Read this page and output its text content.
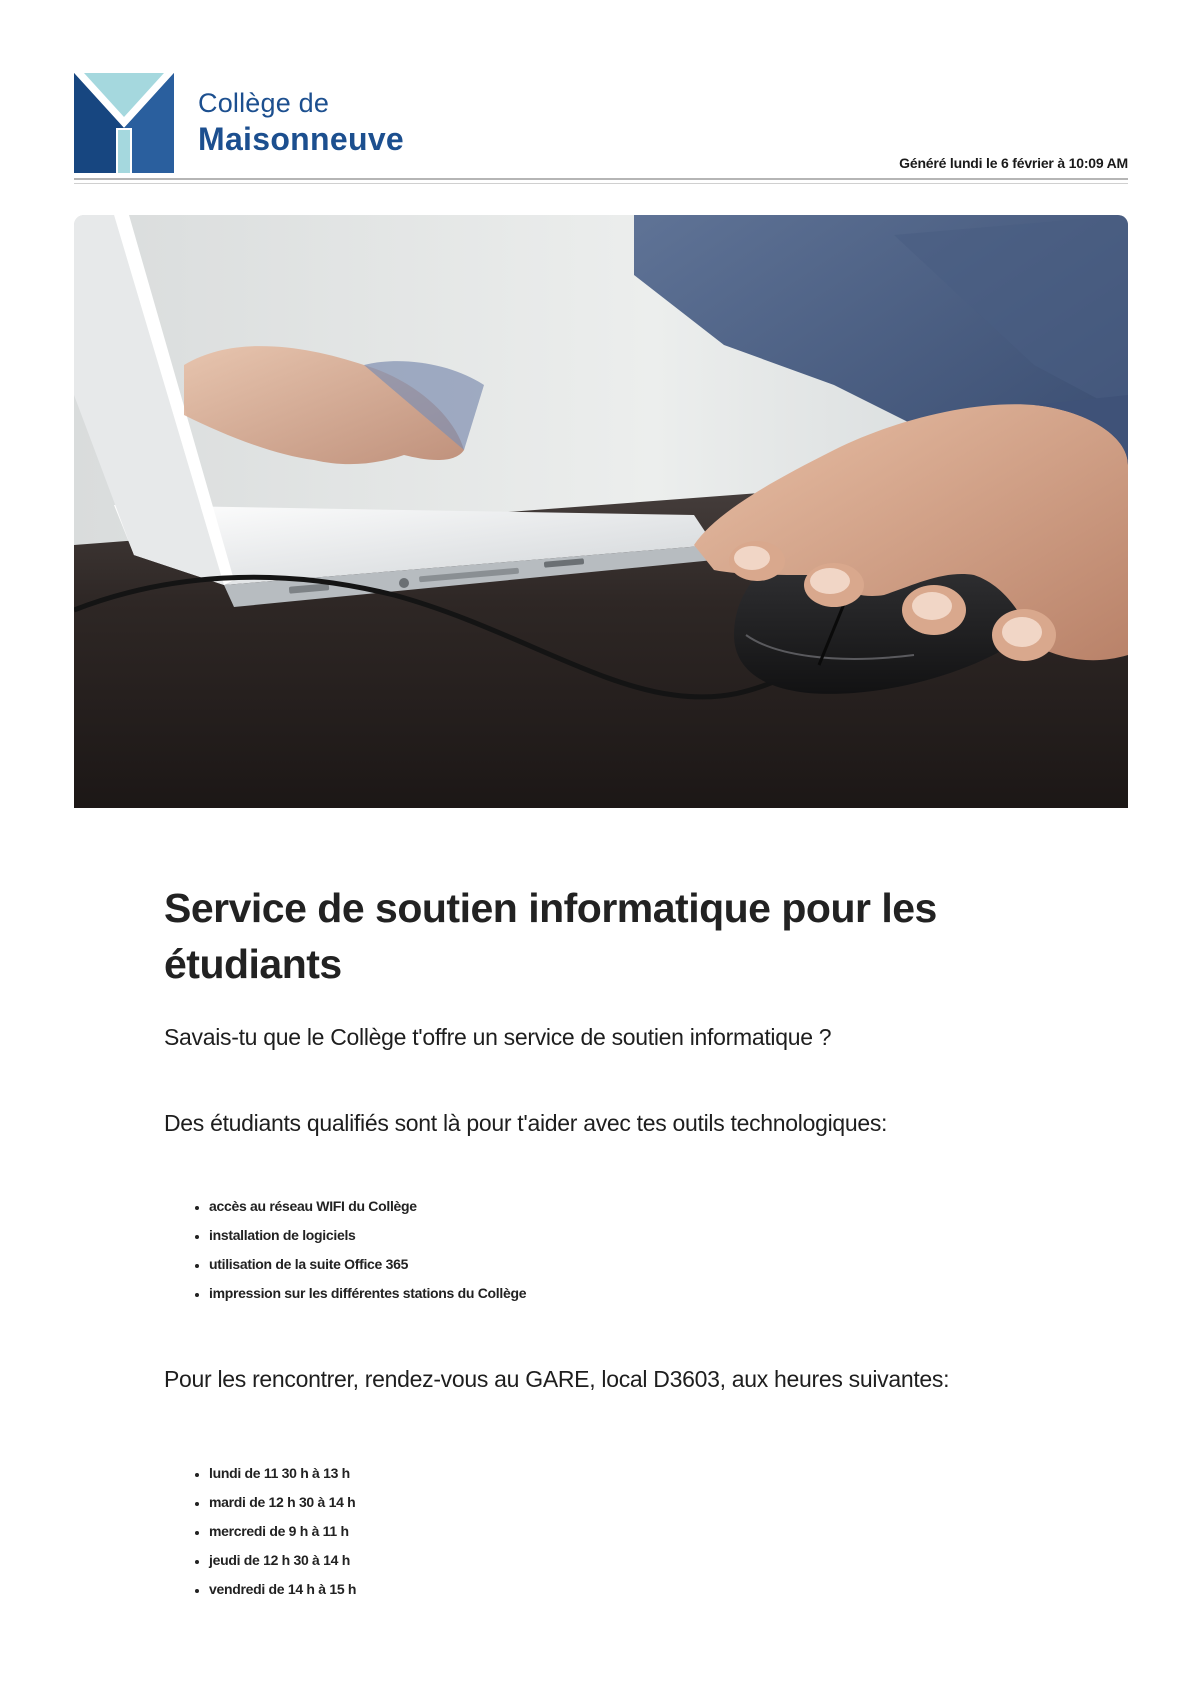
Collège de
Maisonneuve
Généré lundi le 6 février à 10:09 AM
Service de soutien informatique pour les étudiants

Savais-tu que le Collège t'offre un service de soutien informatique ?

Des étudiants qualifiés sont là pour t'aider avec tes outils technologiques:

• accès au réseau WIFI du Collège
• installation de logiciels
• utilisation de la suite Office 365
• impression sur les différentes stations du Collège

Pour les rencontrer, rendez-vous au GARE, local D3603, aux heures suivantes:

• lundi de 11 30 h à 13 h
• mardi de 12 h 30 à 14 h
• mercredi de 9 h à 11 h
• jeudi de 12 h 30 à 14 h
• vendredi de 14 h à 15 h
